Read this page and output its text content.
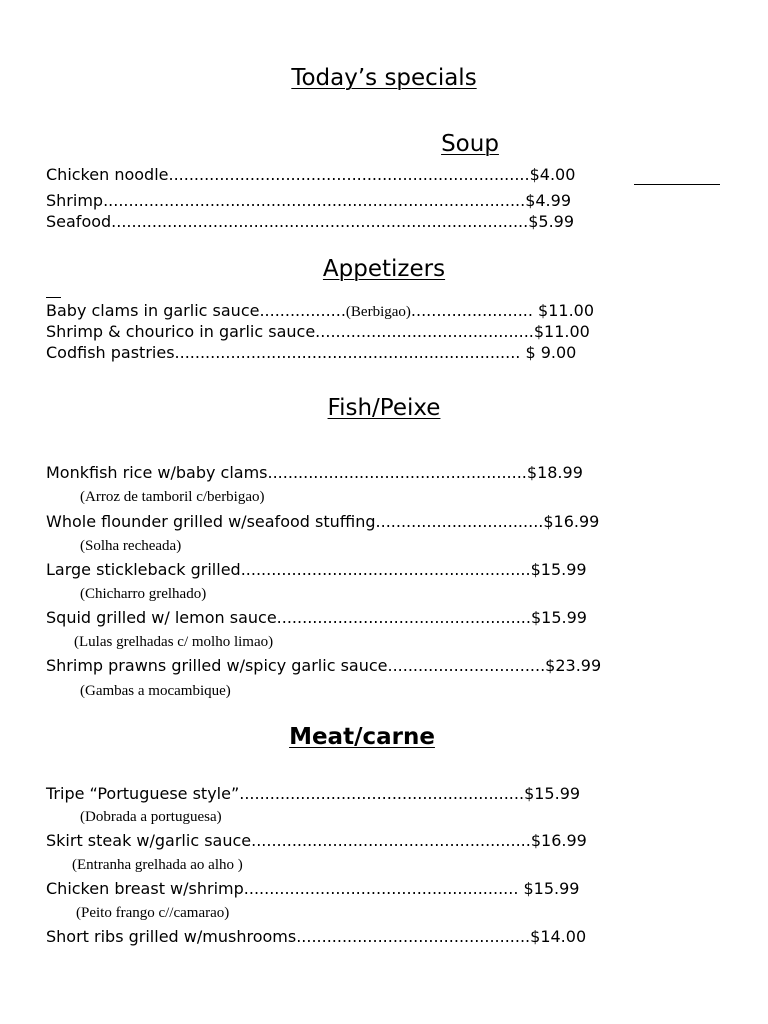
Today’s specials
Soup
Chicken noodle.......................................................................$4.00
Shrimp...................................................................................$4.99
Seafood..................................................................................$5.99
Appetizers
Baby clams in garlic sauce.................(Berbigao)........................ $11.00
Shrimp & chourico in garlic sauce...........................................$11.00
Codfish pastries.................................................................... $ 9.00
Fish/Peixe
Monkfish rice w/baby clams...................................................$18.99
(Arroz de tamboril c/berbigao)
Whole flounder grilled w/seafood stuffing.................................$16.99
(Solha recheada)
Large stickleback grilled.........................................................$15.99
(Chicharro grelhado)
Squid grilled w/ lemon sauce..................................................$15.99
(Lulas grelhadas c/ molho limao)
Shrimp prawns grilled w/spicy garlic sauce...............................$23.99
(Gambas a mocambique)
Meat/carne
Tripe “Portuguese style”........................................................$15.99
(Dobrada a portuguesa)
Skirt steak w/garlic sauce.......................................................$16.99
(Entranha grelhada ao alho )
Chicken breast w/shrimp...................................................... $15.99
(Peito frango c//camarao)
Short ribs grilled w/mushrooms..............................................$14.00
